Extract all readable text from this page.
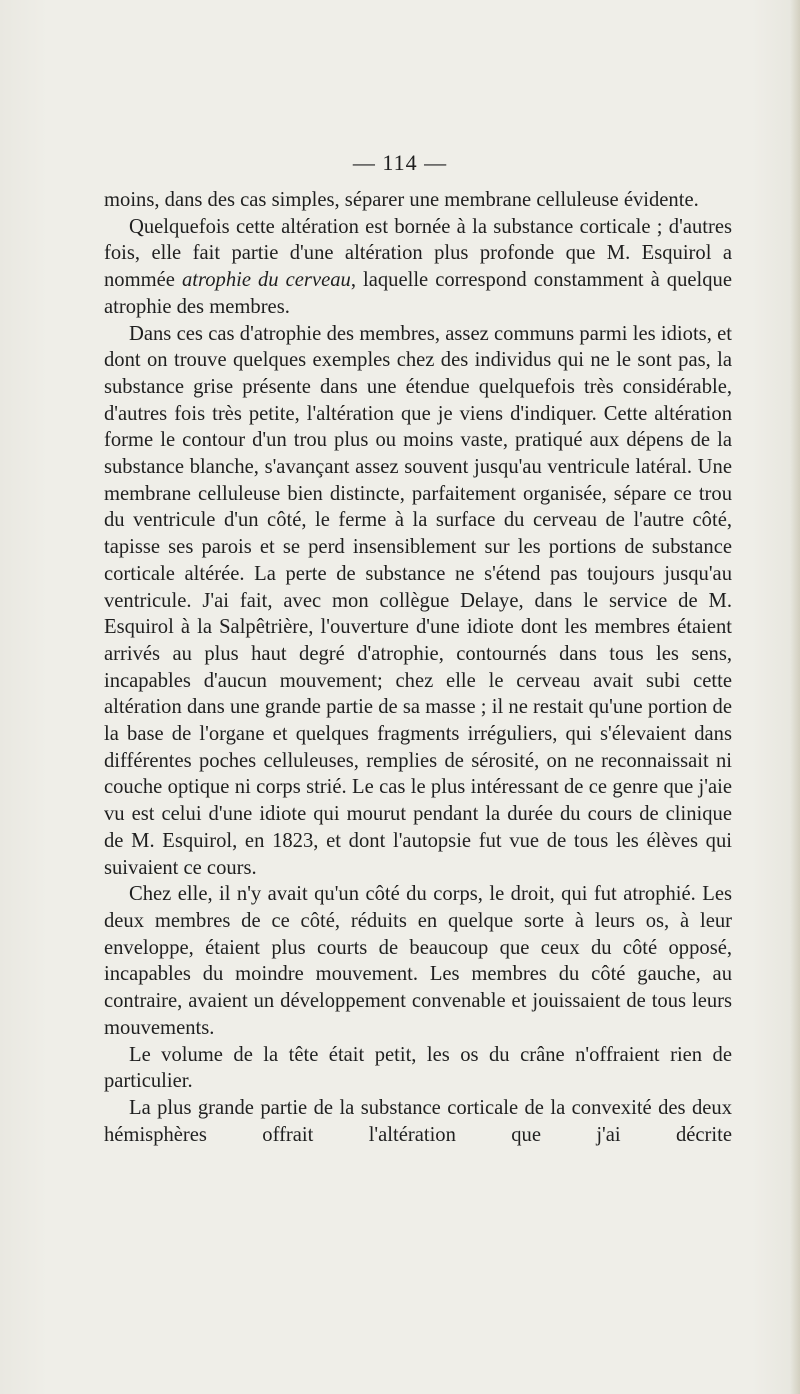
— 114 —

moins, dans des cas simples, séparer une membrane celluleuse évidente.

Quelquefois cette altération est bornée à la substance corticale ; d'autres fois, elle fait partie d'une altération plus profonde que M. Esquirol a nommée atrophie du cerveau, laquelle correspond constamment à quelque atrophie des membres.

Dans ces cas d'atrophie des membres, assez communs parmi les idiots, et dont on trouve quelques exemples chez des individus qui ne le sont pas, la substance grise présente dans une étendue quelquefois très considérable, d'autres fois très petite, l'altération que je viens d'indiquer. Cette altération forme le contour d'un trou plus ou moins vaste, pratiqué aux dépens de la substance blanche, s'avançant assez souvent jusqu'au ventricule latéral. Une membrane celluleuse bien distincte, parfaitement organisée, sépare ce trou du ventricule d'un côté, le ferme à la surface du cerveau de l'autre côté, tapisse ses parois et se perd insensiblement sur les portions de substance corticale altérée. La perte de substance ne s'étend pas toujours jusqu'au ventricule. J'ai fait, avec mon collègue Delaye, dans le service de M. Esquirol à la Salpêtrière, l'ouverture d'une idiote dont les membres étaient arrivés au plus haut degré d'atrophie, contournés dans tous les sens, incapables d'aucun mouvement; chez elle le cerveau avait subi cette altération dans une grande partie de sa masse ; il ne restait qu'une portion de la base de l'organe et quelques fragments irréguliers, qui s'élevaient dans différentes poches celluleuses, remplies de sérosité, on ne reconnaissait ni couche optique ni corps strié. Le cas le plus intéressant de ce genre que j'aie vu est celui d'une idiote qui mourut pendant la durée du cours de clinique de M. Esquirol, en 1823, et dont l'autopsie fut vue de tous les élèves qui suivaient ce cours.

Chez elle, il n'y avait qu'un côté du corps, le droit, qui fut atrophié. Les deux membres de ce côté, réduits en quelque sorte à leurs os, à leur enveloppe, étaient plus courts de beaucoup que ceux du côté opposé, incapables du moindre mouvement. Les membres du côté gauche, au contraire, avaient un développement convenable et jouissaient de tous leurs mouvements.

Le volume de la tête était petit, les os du crâne n'offraient rien de particulier.

La plus grande partie de la substance corticale de la convexité des deux hémisphères offrait l'altération que j'ai décrite
